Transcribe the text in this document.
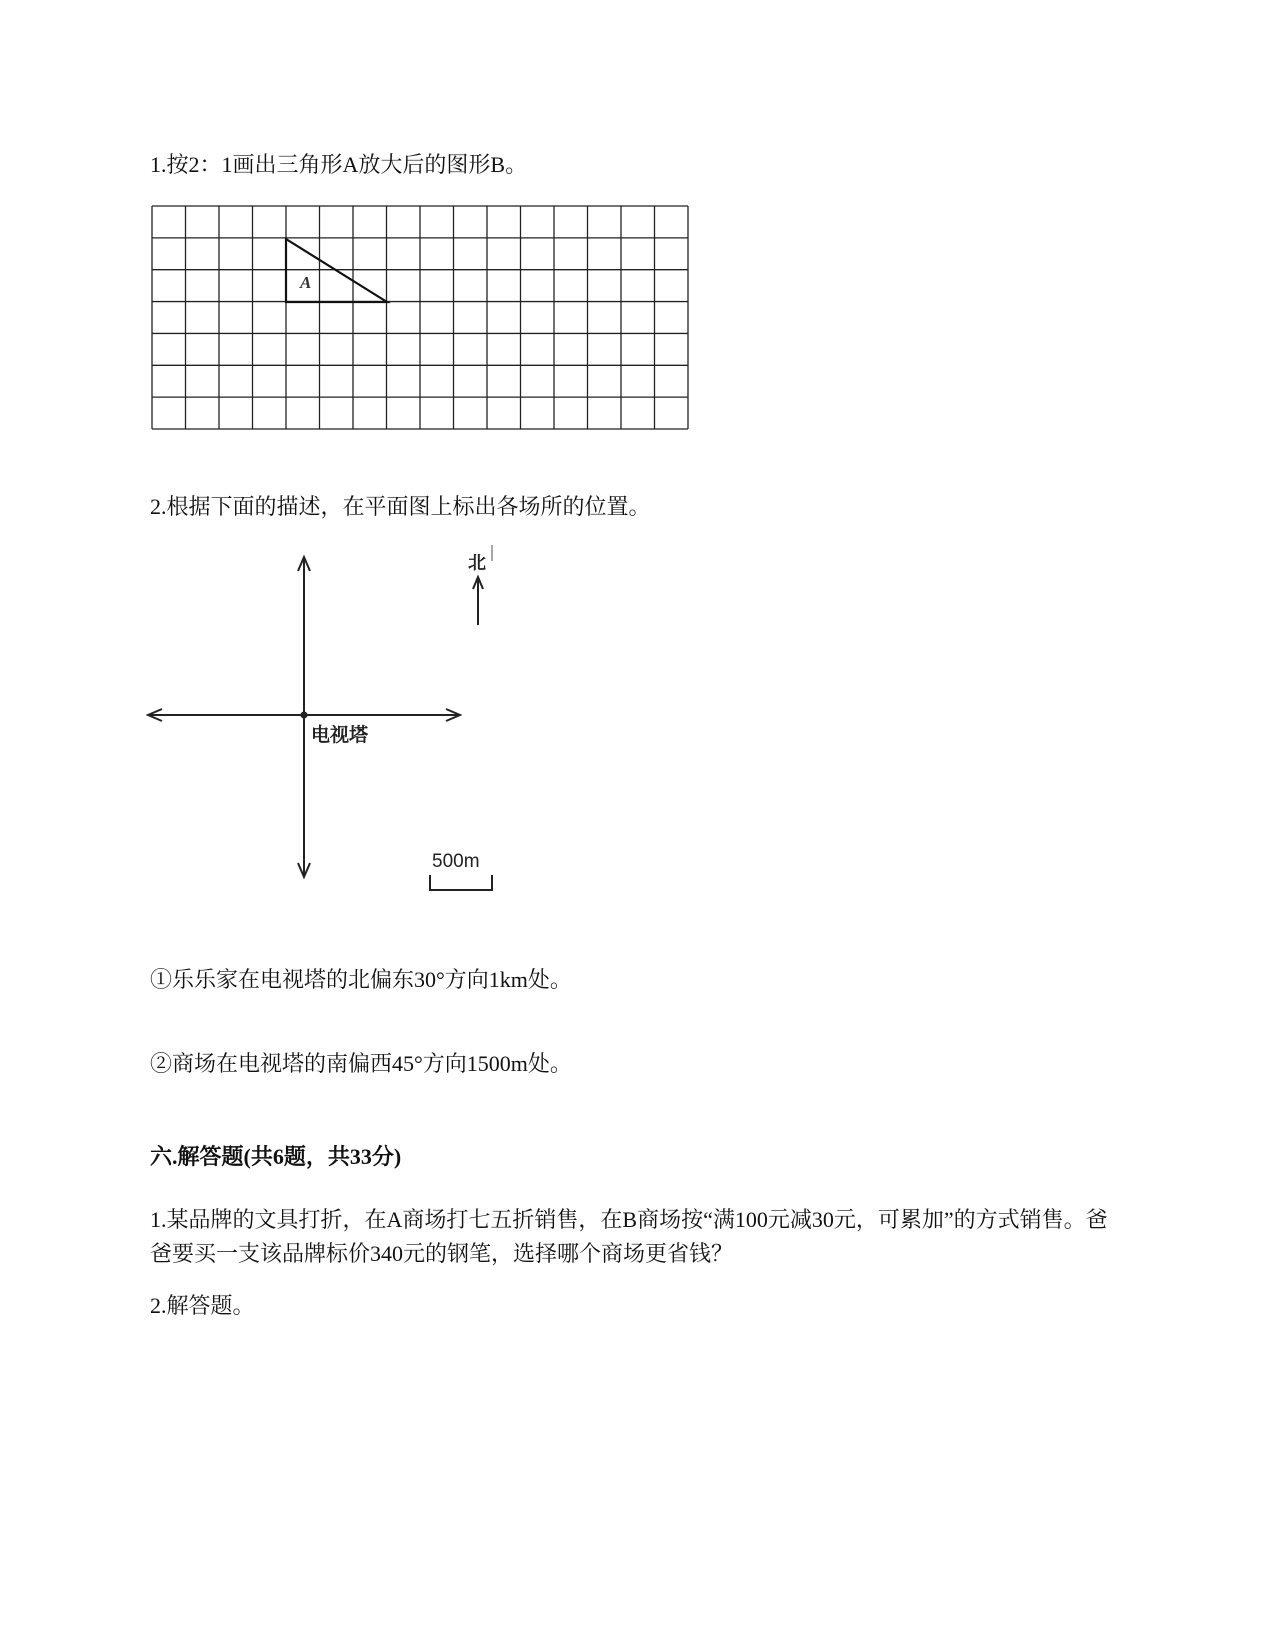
1.按2：1画出三角形A放大后的图形B。
A
2.根据下面的描述，在平面图上标出各场所的位置。
北
电视塔
500m
①乐乐家在电视塔的北偏东30°方向1km处。
②商场在电视塔的南偏西45°方向1500m处。
六.解答题(共6题，共33分)
1.某品牌的文具打折，在A商场打七五折销售，在B商场按“满100元减30元，可累加”的方式销售。爸爸要买一支该品牌标价340元的钢笔，选择哪个商场更省钱？
2.解答题。
